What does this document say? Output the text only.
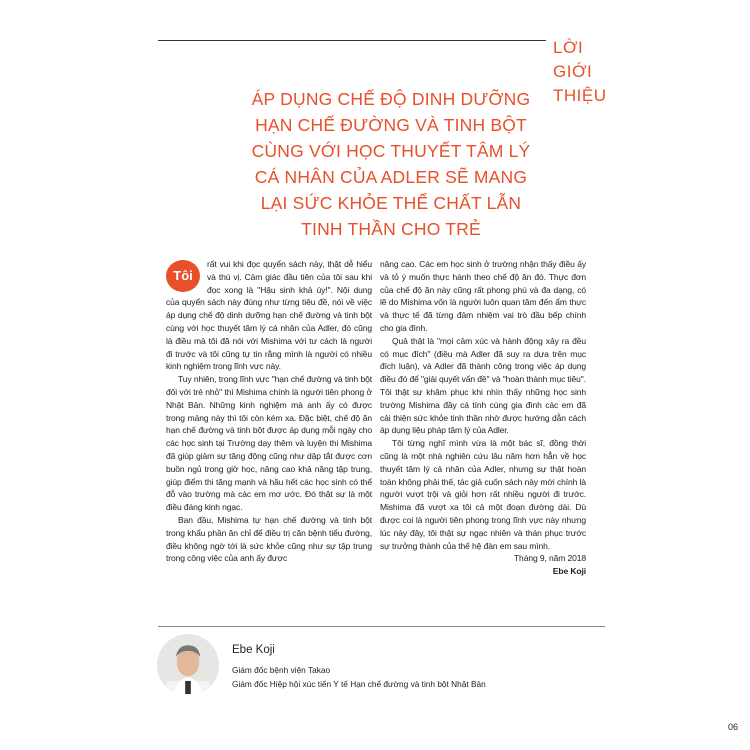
LỜI
GIỚI
THIỆU
ÁP DỤNG CHẾ ĐỘ DINH DƯỠNG
HẠN CHẾ ĐƯỜNG VÀ TINH BỘT
CÙNG VỚI HỌC THUYẾT TÂM LÝ
CÁ NHÂN CỦA ADLER SẼ MANG
LẠI SỨC KHỎE THỂ CHẤT LẪN
TINH THẦN CHO TRẺ
Tôi

rất vui khi đọc quyển sách này, thật dễ hiểu và thú vị. Cảm giác đầu tiên của tôi sau khi đọc xong là "Hậu sinh khả úy!". Nội dung của quyển sách này đúng như từng tiêu đề, nói về việc áp dụng chế độ dinh dưỡng hạn chế đường và tinh bột cùng với học thuyết tâm lý cá nhân của Adler, đó cũng là điều mà tôi đã nói với Mishima với tư cách là người đi trước và tôi cũng tự tin rằng mình là người có nhiều kinh nghiệm trong lĩnh vực này.

Tuy nhiên, trong lĩnh vực "hạn chế đường và tinh bột đối với trẻ nhỏ" thì Mishima chính là người tiên phong ở Nhật Bản. Những kinh nghiệm mà anh ấy có được trong mảng này thì tôi còn kém xa. Đặc biệt, chế độ ăn hạn chế đường và tinh bột được áp dụng mỗi ngày cho các học sinh tại Trường dạy thêm và luyện thi Mishima đã giúp giảm sự tăng động cũng như dập tắt được cơn buồn ngủ trong giờ học, nâng cao khả năng tập trung, giúp điểm thi tăng mạnh và hầu hết các học sinh có thể đỗ vào trường mà các em mơ ước. Đó thật sự là một điều đáng kinh ngạc.

Ban đầu, Mishima tự hạn chế đường và tinh bột trong khẩu phần ăn chỉ để điều trị căn bệnh tiểu đường, điều không ngờ tới là sức khỏe cũng như sự tập trung trong công việc của anh ấy được

nâng cao. Các em học sinh ở trường nhận thấy điều ấy và tỏ ý muốn thực hành theo chế độ ăn đó. Thực đơn của chế độ ăn này cũng rất phong phú và đa dạng, có lẽ do Mishima vốn là người luôn quan tâm đến ẩm thực và thực tế đã từng đảm nhiệm vai trò đầu bếp chính cho gia đình.

Quả thật là "mọi cảm xúc và hành động xảy ra đều có mục đích" (điều mà Adler đã suy ra dựa trên mục đích luận), và Adler đã thành công trong việc áp dụng điều đó để "giải quyết vấn đề" và "hoàn thành mục tiêu". Tôi thật sự khâm phục khi nhìn thấy những học sinh trường Mishima đầy cá tính cùng gia đình các em đã cải thiện sức khỏe tinh thần nhờ được hướng dẫn cách áp dụng liệu pháp tâm lý của Adler.

Tôi từng nghĩ mình vừa là một bác sĩ, đồng thời cũng là một nhà nghiên cứu lâu năm hơn hẳn về học thuyết tâm lý cá nhân của Adler, nhưng sự thật hoàn toàn không phải thế, tác giả cuốn sách này mới chính là người vượt trội và giỏi hơn rất nhiều người đi trước. Mishima đã vượt xa tôi cả một đoạn đường dài. Dù được coi là người tiên phong trong lĩnh vực này nhưng lúc này đây, tôi thật sự ngạc nhiên và thán phục trước sự trưởng thành của thế hệ đàn em sau mình.

Tháng 9, năm 2018
Ebe Koji
Ebe Koji
Giám đốc bệnh viện Takao
Giám đốc Hiệp hội xúc tiến Y tế Hạn chế đường và tinh bột Nhật Bản
06
